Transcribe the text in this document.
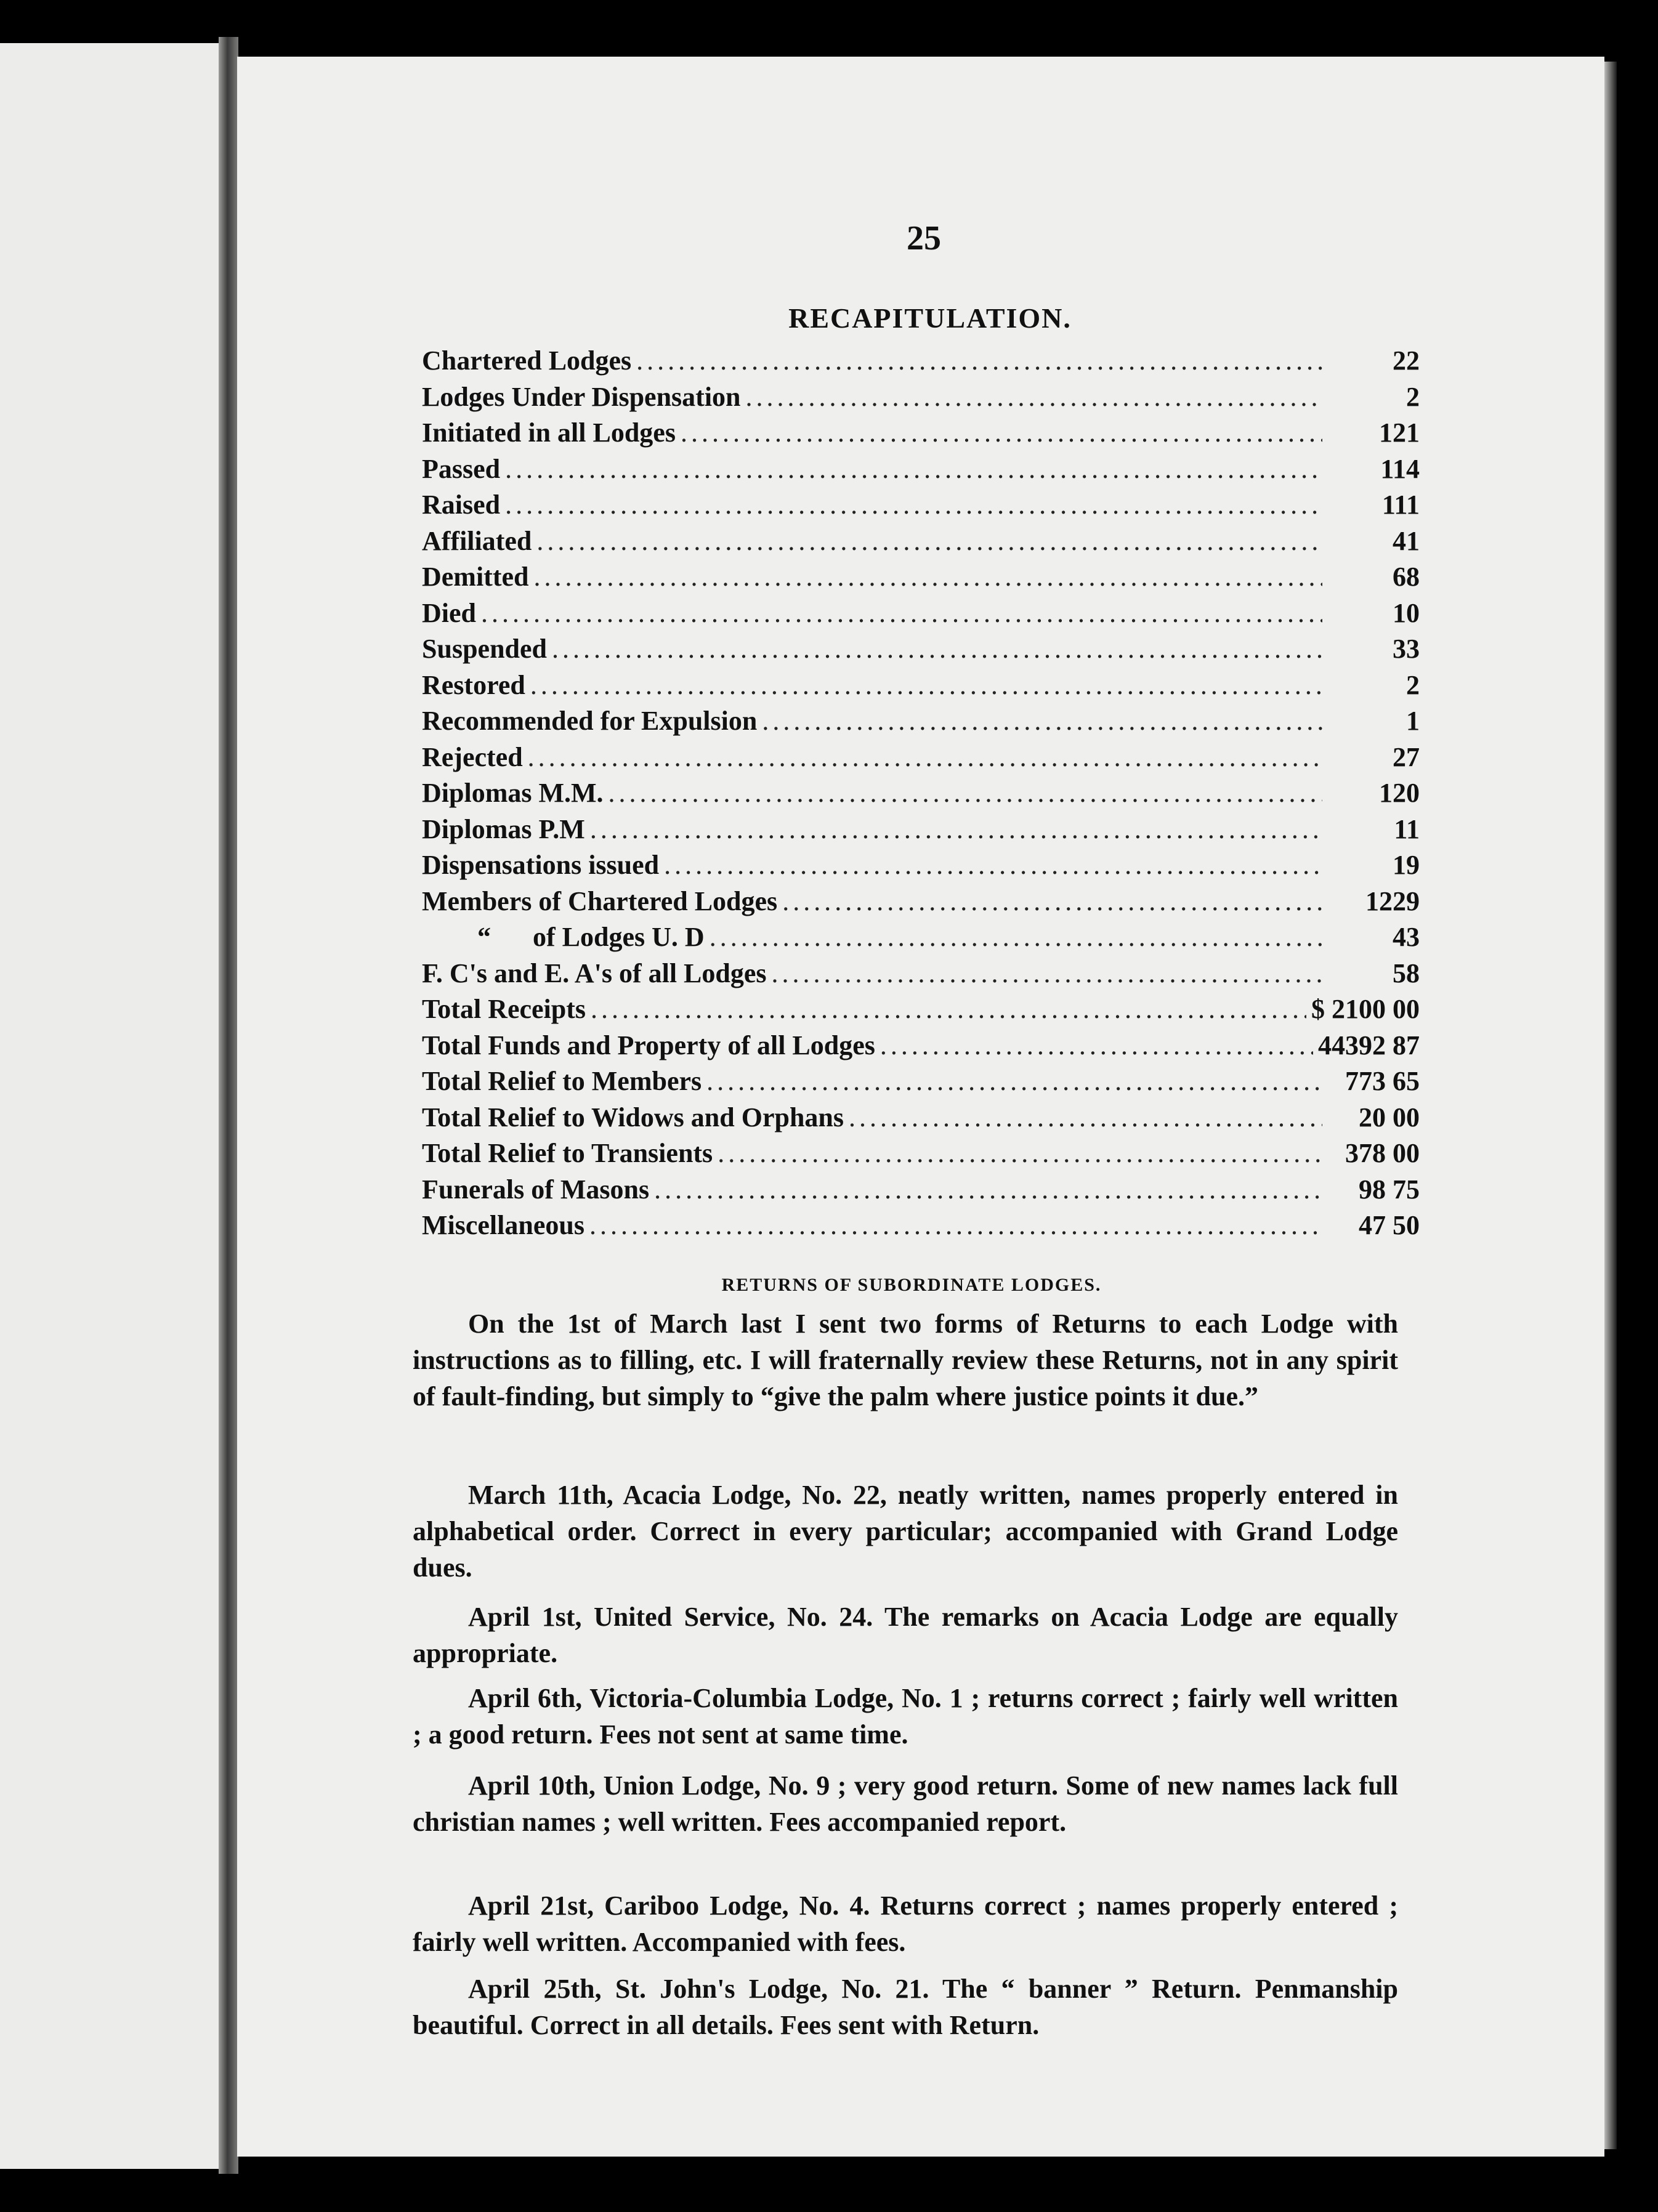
25
RECAPITULATION.
Chartered Lodges .....	22
Lodges Under Dispensation .....	2
Initiated in all Lodges .....	121
Passed .....	114
Raised .....	111
Affiliated .....	41
Demitted .....	68
Died .....	10
Suspended .....	33
Restored .....	2
Recommended for Expulsion .....	1
Rejected .....	27
Diplomas M.M. .....	120
Diplomas P.M .....	11
Dispensations issued .....	19
Members of Chartered Lodges .....	1229
“ of Lodges U. D .....	43
F. C's and E. A's of all Lodges .....	58
Total Receipts .....	$ 2100 00
Total Funds and Property of all Lodges .....	44392 87
Total Relief to Members .....	773 65
Total Relief to Widows and Orphans .....	20 00
Total Relief to Transients .....	378 00
Funerals of Masons .....	98 75
Miscellaneous .....	47 50
RETURNS OF SUBORDINATE LODGES.

On the 1st of March last I sent two forms of Returns to each Lodge with instructions as to filling, etc. I will fraternally review these Returns, not in any spirit of fault-finding, but simply to “give the palm where justice points it due.”

March 11th, Acacia Lodge, No. 22, neatly written, names properly entered in alphabetical order. Correct in every particular; accompanied with Grand Lodge dues.

April 1st, United Service, No. 24. The remarks on Acacia Lodge are equally appropriate.

April 6th, Victoria-Columbia Lodge, No. 1 ; returns correct ; fairly well written ; a good return. Fees not sent at same time.

April 10th, Union Lodge, No. 9 ; very good return. Some of new names lack full christian names ; well written. Fees accompanied report.

April 21st, Cariboo Lodge, No. 4. Returns correct ; names properly entered ; fairly well written. Accompanied with fees.

April 25th, St. John's Lodge, No. 21. The “ banner ” Return. Penmanship beautiful. Correct in all details. Fees sent with Return.
